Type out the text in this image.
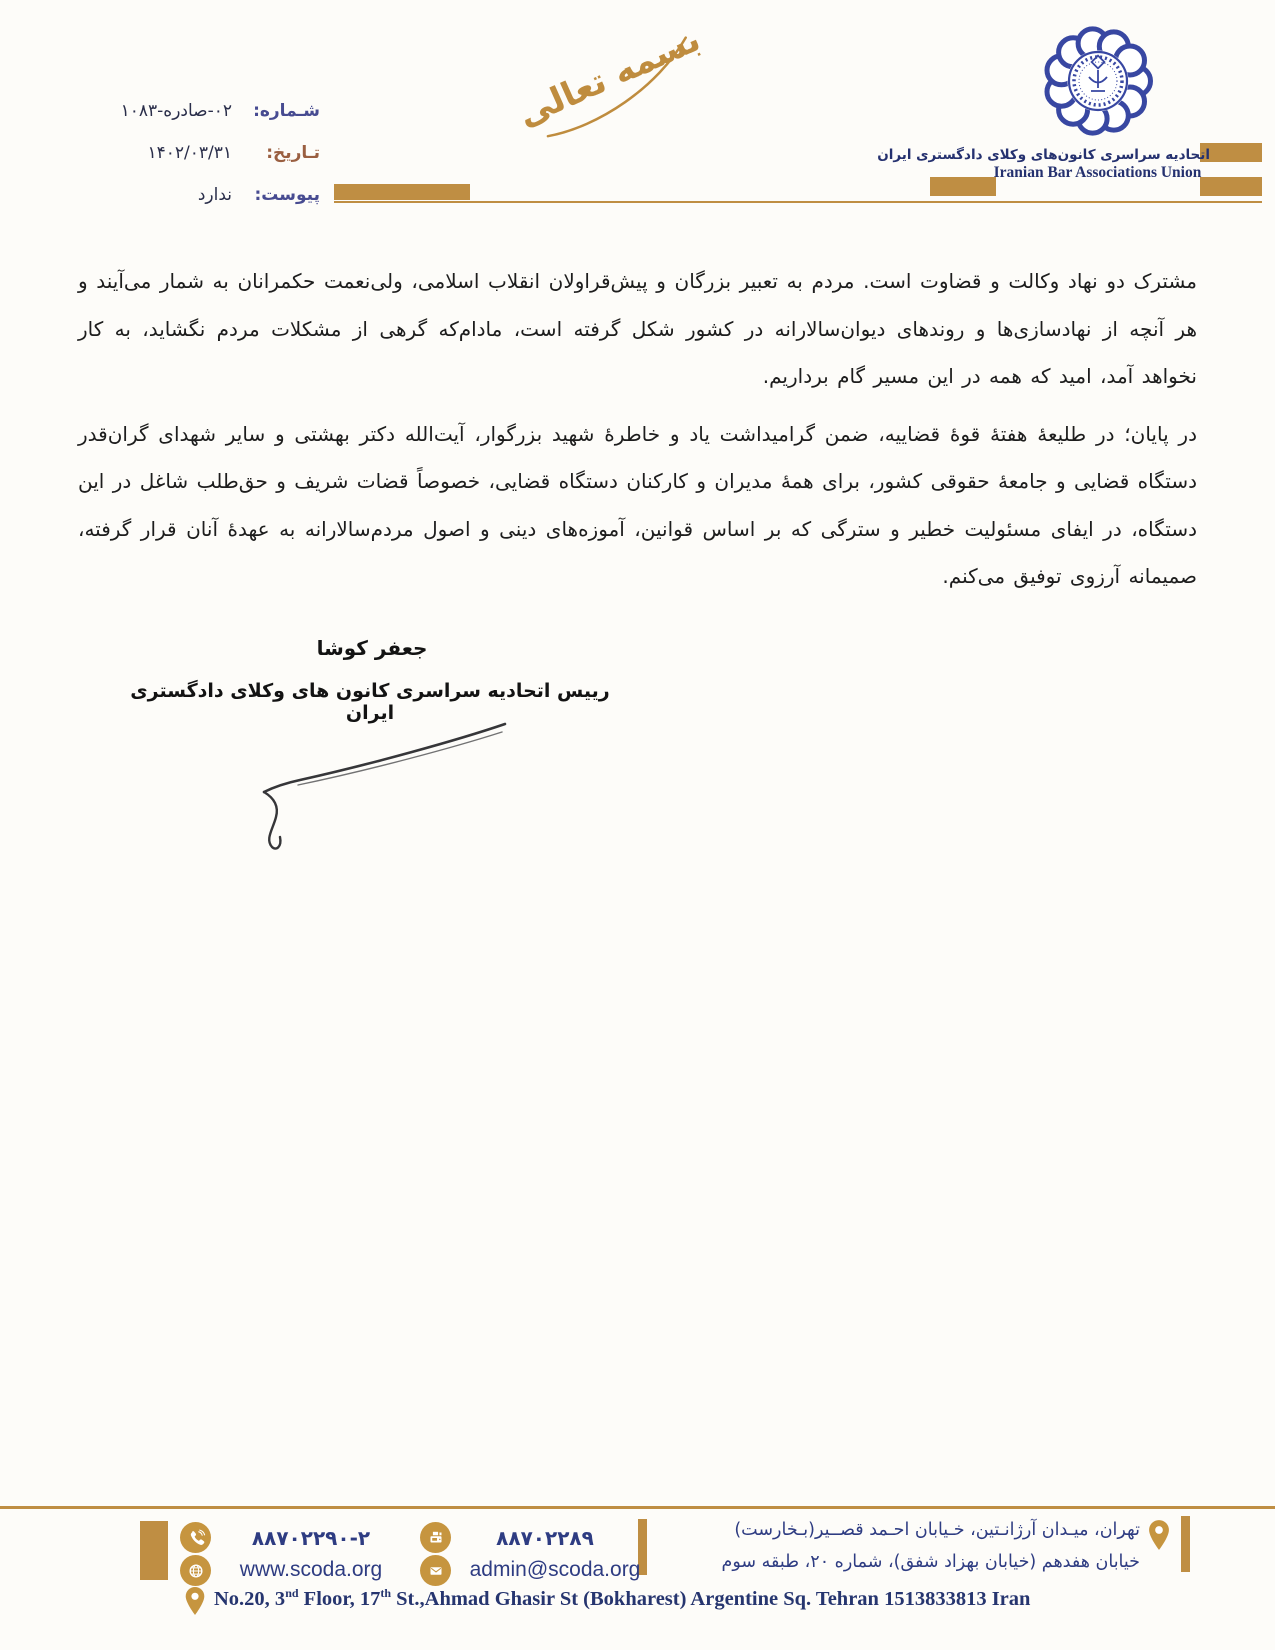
شـماره:
۰۲-صادره-۱۰۸۳
تـاریخ:
۱۴۰۲/۰۳/۳۱
پیوست:
ندارد
بسمه تعالی
اتحادیه سراسری کانون‌های وکلای دادگستری ایران
Iranian Bar Associations Union

مشترک دو نهاد وکالت و قضاوت است. مردم به تعبیر بزرگان و پیش‌قراولان انقلاب اسلامی، ولی‌نعمت حکمرانان به شمار می‌آیند و هر آنچه از نهادسازی‌ها و روندهای دیوان‌سالارانه در کشور شکل گرفته است، مادام‌که گرهی از مشکلات مردم نگشاید، به کار نخواهد آمد، امید که همه در این مسیر گام برداریم.

در پایان؛ در طلیعهٔ هفتهٔ قوهٔ قضاییه، ضمن گرامیداشت یاد و خاطرهٔ شهید بزرگوار، آیت‌الله دکتر بهشتی و سایر شهدای گران‌قدر دستگاه قضایی و جامعهٔ حقوقی کشور، برای همهٔ مدیران و کارکنان دستگاه قضایی، خصوصاً قضات شریف و حق‌طلب شاغل در این دستگاه، در ایفای مسئولیت خطیر و سترگی که بر اساس قوانین، آموزه‌های دینی و اصول مردم‌سالارانه به عهدهٔ آنان قرار گرفته، صمیمانه آرزوی توفیق می‌کنم.

جعفر کوشا
رییس اتحادیه سراسری کانون های وکلای دادگستری ایران
۸۸۷۰۲۲۹۰-۲	۸۸۷۰۲۲۸۹
www.scoda.org	admin@scoda.org
تهران، میـدان آرژانـتین، خـیابان احـمد قصــیر(بـخارست)
خیابان هفدهم (خیابان بهزاد شفق)، شماره ۲۰، طبقه سوم
No.20, 3nd Floor, 17th St.,Ahmad Ghasir St (Bokharest) Argentine Sq. Tehran 1513833813 Iran
